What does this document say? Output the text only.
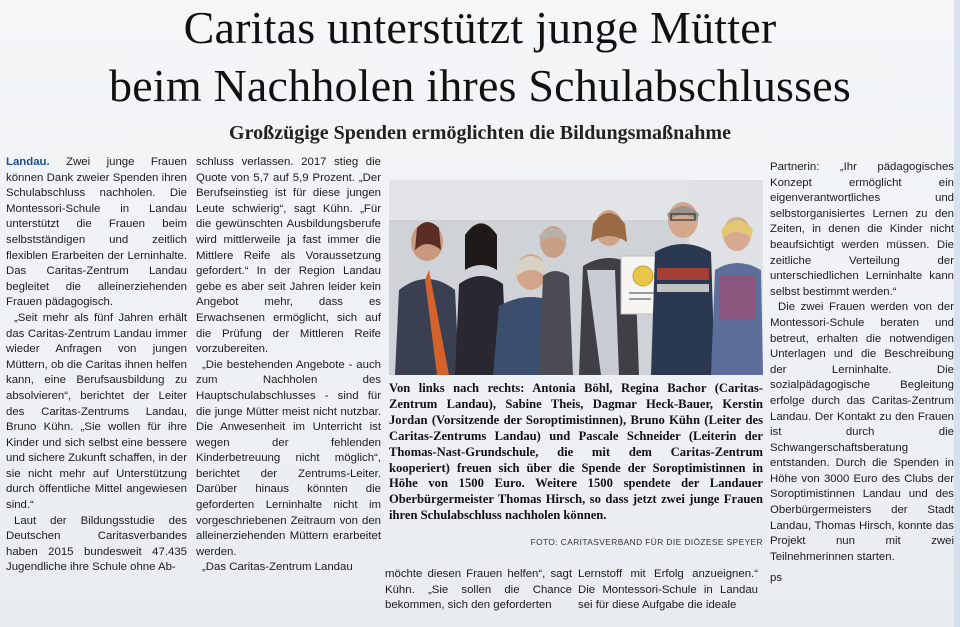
Caritas unterstützt junge Mütter
beim Nachholen ihres Schulabschlusses
Großzügige Spenden ermöglichten die Bildungsmaßnahme

Landau. Zwei junge Frauen können Dank zweier Spenden ihren Schulabschluss nachholen. Die Montessori-Schule in Landau unterstützt die Frauen beim selbstständigen und zeitlich flexiblen Erarbeiten der Lerninhalte. Das Caritas-Zentrum Landau begleitet die alleinerziehenden Frauen pädagogisch.

„Seit mehr als fünf Jahren erhält das Caritas-Zentrum Landau immer wieder Anfragen von jungen Müttern, ob die Caritas ihnen helfen kann, eine Berufsausbildung zu absolvieren“, berichtet der Leiter des Caritas-Zentrums Landau, Bruno Kühn. „Sie wollen für ihre Kinder und sich selbst eine bessere und sichere Zukunft schaffen, in der sie nicht mehr auf Unterstützung durch öffentliche Mittel angewiesen sind.“

Laut der Bildungsstudie des Deutschen Caritasverbandes haben 2015 bundesweit 47.435 Jugendliche ihre Schule ohne Ab-

schluss verlassen. 2017 stieg die Quote von 5,7 auf 5,9 Prozent. „Der Berufseinstieg ist für diese jungen Leute schwierig“, sagt Kühn. „Für die gewünschten Ausbildungsberufe wird mittlerweile ja fast immer die Mittlere Reife als Voraussetzung gefordert.“ In der Region Landau gebe es aber seit Jahren leider kein Angebot mehr, dass es Erwachsenen ermöglicht, sich auf die Prüfung der Mittleren Reife vorzubereiten.

„Die bestehenden Angebote - auch zum Nachholen des Hauptschulabschlusses - sind für die junge Mütter meist nicht nutzbar. Die Anwesenheit im Unterricht ist wegen der fehlenden Kinderbetreuung nicht möglich“, berichtet der Zentrums-Leiter. Darüber hinaus könnten die geforderten Lerninhalte nicht im vorgeschriebenen Zeitraum von den alleinerziehenden Müttern erarbeitet werden.

„Das Caritas-Zentrum Landau

Von links nach rechts: Antonia Böhl, Regina Bachor (Caritas-Zentrum Landau), Sabine Theis, Dagmar Heck-Bauer, Kerstin Jordan (Vorsitzende der Soroptimistinnen), Bruno Kühn (Leiter des Caritas-Zentrums Landau) und Pascale Schneider (Leiterin der Thomas-Nast-Grundschule, die mit dem Caritas-Zentrum kooperiert) freuen sich über die Spende der Soroptimistinnen in Höhe von 1500 Euro. Weitere 1500 spendete der Landauer Oberbürgermeister Thomas Hirsch, so dass jetzt zwei junge Frauen ihren Schulabschluss nachholen können.

FOTO: CARITASVERBAND FÜR DIE DIÖZESE SPEYER

möchte diesen Frauen helfen“, sagt Kühn. „Sie sollen die Chance bekommen, sich den geforderten

Lernstoff mit Erfolg anzueignen.“ Die Montessori-Schule in Landau sei für diese Aufgabe die ideale

Partnerin: „Ihr pädagogisches Konzept ermöglicht ein eigenverantwortliches und selbstorganisiertes Lernen zu den Zeiten, in denen die Kinder nicht beaufsichtigt werden müssen. Die zeitliche Verteilung der unterschiedlichen Lerninhalte kann selbst bestimmt werden.“

Die zwei Frauen werden von der Montessori-Schule beraten und betreut, erhalten die notwendigen Unterlagen und die Beschreibung der Lerninhalte. Die sozialpädagogische Begleitung erfolge durch das Caritas-Zentrum Landau. Der Kontakt zu den Frauen ist durch die Schwangerschaftsberatung entstanden. Durch die Spenden in Höhe von 3000 Euro des Clubs der Soroptimistinnen Landau und des Oberbürgermeisters der Stadt Landau, Thomas Hirsch, konnte das Projekt nun mit zwei Teilnehmerinnen starten.

ps
